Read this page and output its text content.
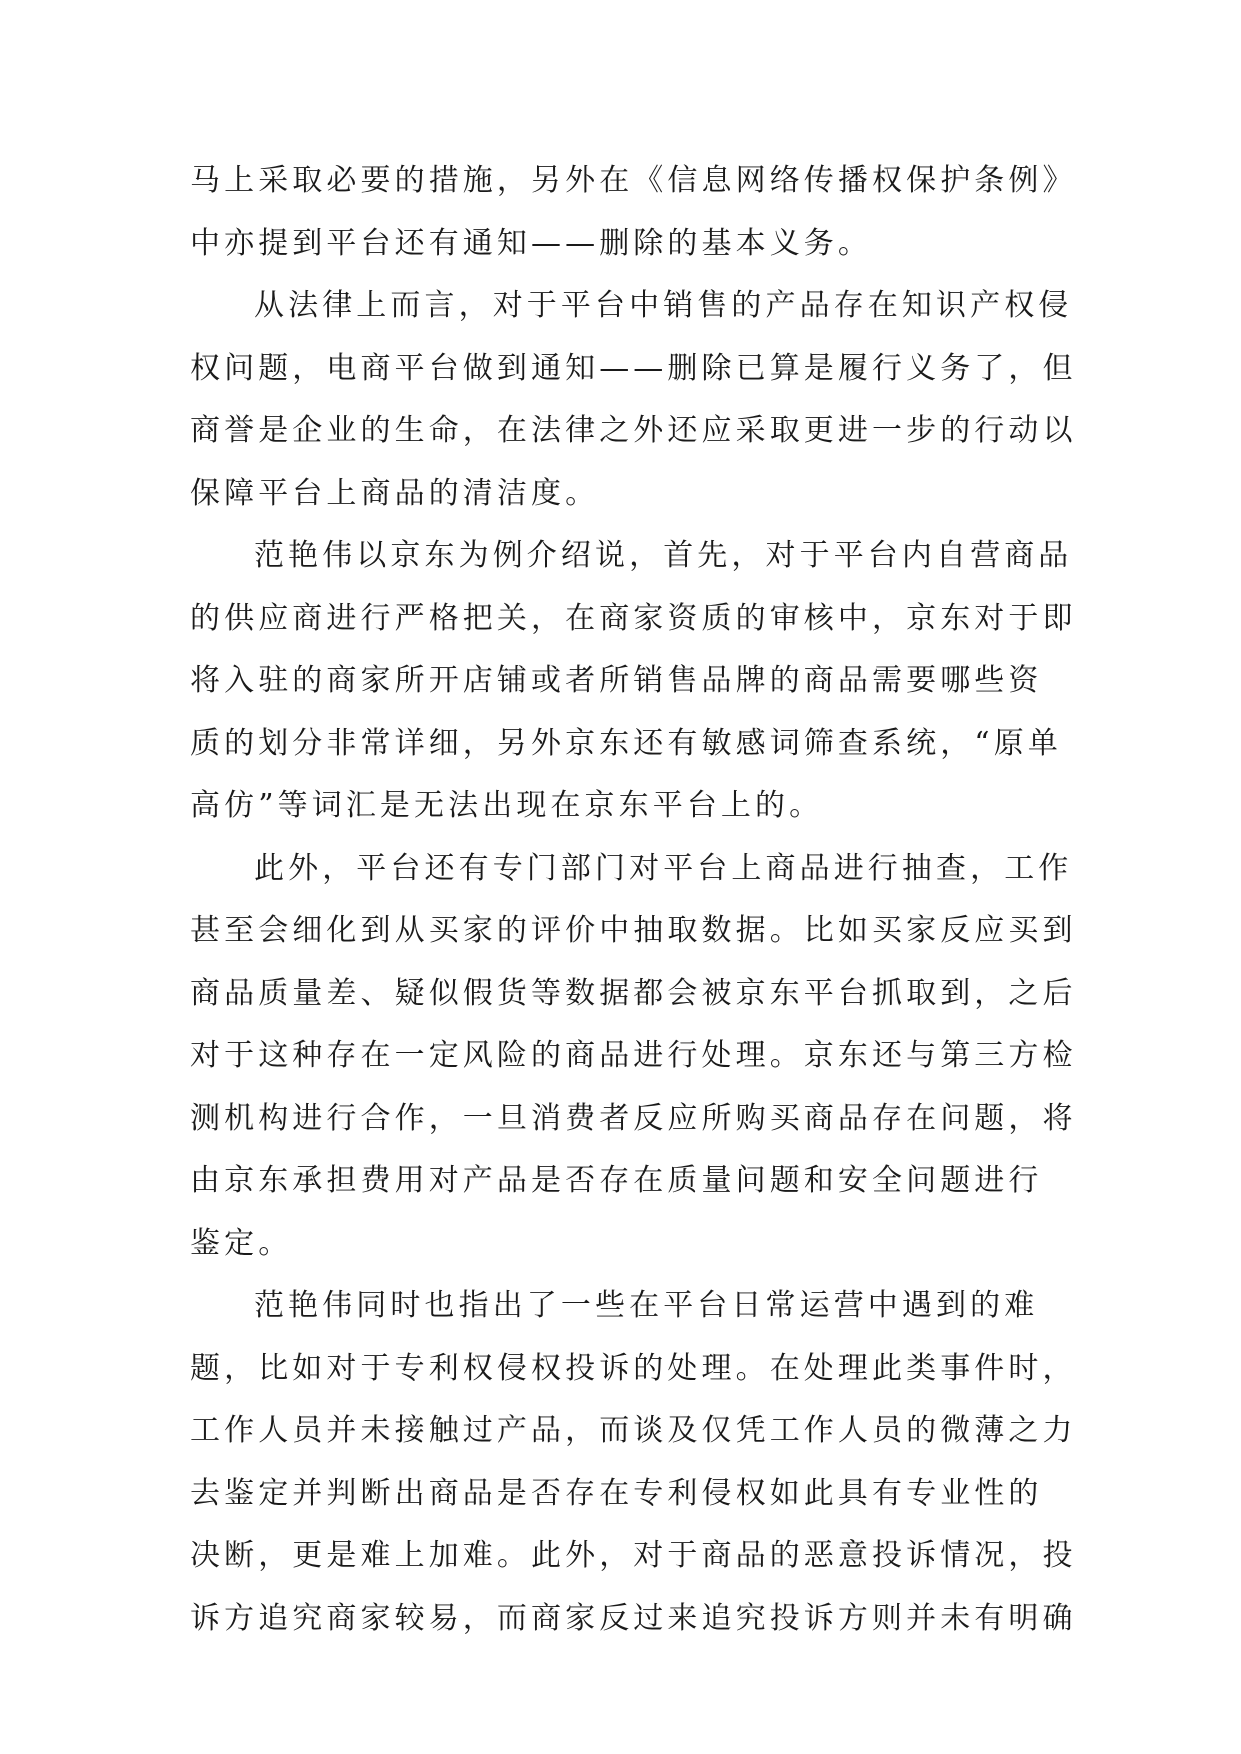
马上采取必要的措施，另外在《信息网络传播权保护条例》
中亦提到平台还有通知——删除的基本义务。
从法律上而言，对于平台中销售的产品存在知识产权侵
权问题，电商平台做到通知——删除已算是履行义务了，但
商誉是企业的生命，在法律之外还应采取更进一步的行动以
保障平台上商品的清洁度。
范艳伟以京东为例介绍说，首先，对于平台内自营商品
的供应商进行严格把关，在商家资质的审核中，京东对于即
将入驻的商家所开店铺或者所销售品牌的商品需要哪些资
质的划分非常详细，另外京东还有敏感词筛查系统，“原单
高仿”等词汇是无法出现在京东平台上的。
此外，平台还有专门部门对平台上商品进行抽查，工作
甚至会细化到从买家的评价中抽取数据。比如买家反应买到
商品质量差、疑似假货等数据都会被京东平台抓取到，之后
对于这种存在一定风险的商品进行处理。京东还与第三方检
测机构进行合作，一旦消费者反应所购买商品存在问题，将
由京东承担费用对产品是否存在质量问题和安全问题进行
鉴定。
范艳伟同时也指出了一些在平台日常运营中遇到的难
题，比如对于专利权侵权投诉的处理。在处理此类事件时，
工作人员并未接触过产品，而谈及仅凭工作人员的微薄之力
去鉴定并判断出商品是否存在专利侵权如此具有专业性的
决断，更是难上加难。此外，对于商品的恶意投诉情况，投
诉方追究商家较易，而商家反过来追究投诉方则并未有明确
